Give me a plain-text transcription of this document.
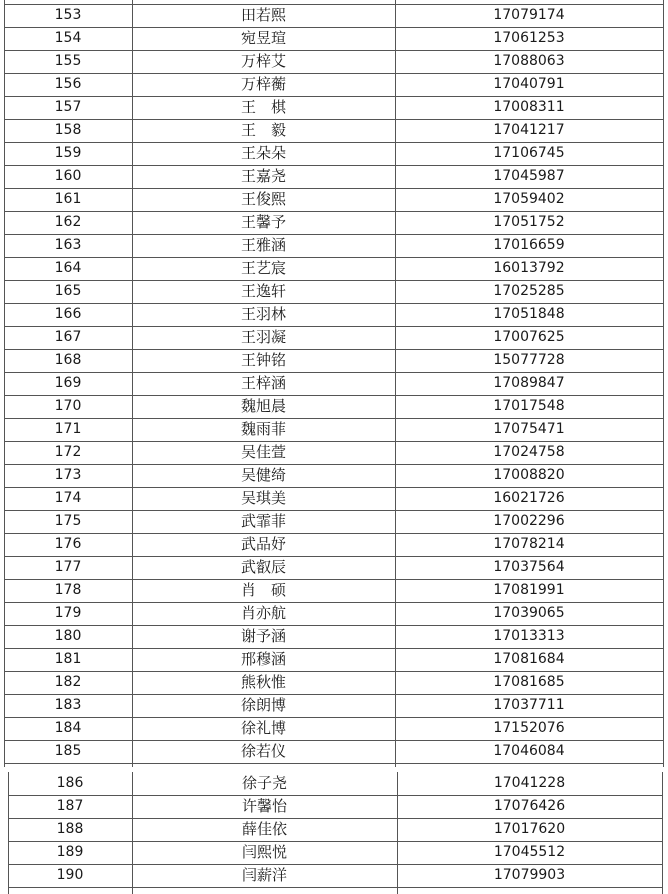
153	田若熙	17079174
154	宛昱瑄	17061253
155	万梓艾	17088063
156	万梓蘅	17040791
157	王　棋	17008311
158	王　毅	17041217
159	王朵朵	17106745
160	王嘉尧	17045987
161	王俊熙	17059402
162	王馨予	17051752
163	王雅涵	17016659
164	王艺宸	16013792
165	王逸轩	17025285
166	王羽林	17051848
167	王羽凝	17007625
168	王钟铭	15077728
169	王梓涵	17089847
170	魏旭晨	17017548
171	魏雨菲	17075471
172	吴佳萱	17024758
173	吴健绮	17008820
174	吴琪美	16021726
175	武霏菲	17002296
176	武品妤	17078214
177	武叡辰	17037564
178	肖　硕	17081991
179	肖亦航	17039065
180	谢予涵	17013313
181	邢穆涵	17081684
182	熊秋惟	17081685
183	徐朗博	17037711
184	徐礼博	17152076
185	徐若仪	17046084
186	徐子尧	17041228
187	许馨怡	17076426
188	薛佳依	17017620
189	闫熙悦	17045512
190	闫薪洋	17079903
